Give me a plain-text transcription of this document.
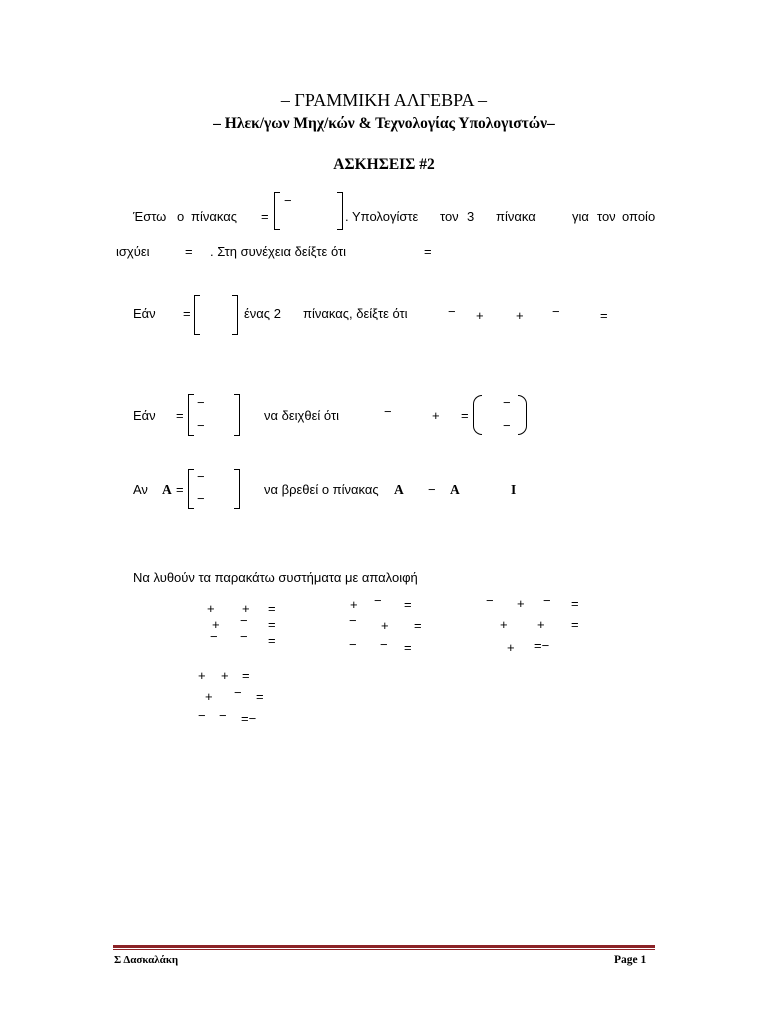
– ΓΡΑΜΜΙΚΗ ΑΛΓΕΒΡΑ –
– Ηλεκ/γων Μηχ/κών & Τεχνολογίας Υπολογιστών–
ΑΣΚΗΣΕΙΣ #2
Έστω ο πίνακας =
−
. Υπολογίστε τον 3 πίνακα	για τον οποίο
ισχύει	= . Στη συνέχεια δείξτε ότι	=
Εάν =	ένας 2 πίνακας, δείξτε ότι	− + + −	=
Εάν =
−
−
να δειχθεί ότι	−	+ =
−
−
Αν A =
−
−
να βρεθεί ο πίνακας A − A	I
Να λυθούν τα παρακάτω συστήματα με απαλοιφή
+ + =
+ − =
− − =
+ − =
− + =
− − =
− + − =
+ + =
+ =−
+ + =
+ − =
− − =−
Σ Δασκαλάκη	Page 1
